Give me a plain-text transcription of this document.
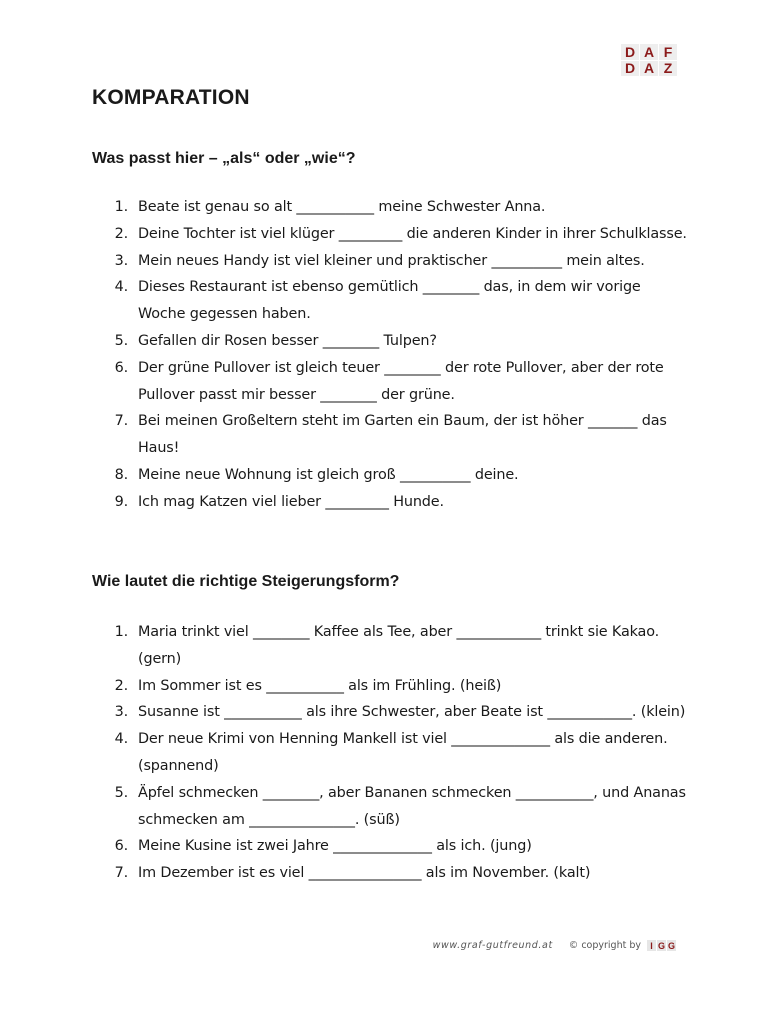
D A F
D A Z
KOMPARATION
Was passt hier – „als“ oder „wie“?
1. Beate ist genau so alt ___________ meine Schwester Anna.
2. Deine Tochter ist viel klüger _________ die anderen Kinder in ihrer Schulklasse.
3. Mein neues Handy ist viel kleiner und praktischer __________ mein altes.
4. Dieses Restaurant ist ebenso gemütlich ________ das, in dem wir vorige Woche gegessen haben.
5. Gefallen dir Rosen besser ________ Tulpen?
6. Der grüne Pullover ist gleich teuer ________ der rote Pullover, aber der rote Pullover passt mir besser ________ der grüne.
7. Bei meinen Großeltern steht im Garten ein Baum, der ist höher _______ das Haus!
8. Meine neue Wohnung ist gleich groß __________ deine.
9. Ich mag Katzen viel lieber _________ Hunde.
Wie lautet die richtige Steigerungsform?
1. Maria trinkt viel ________ Kaffee als Tee, aber ____________ trinkt sie Kakao. (gern)
2. Im Sommer ist es ___________ als im Frühling. (heiß)
3. Susanne ist ___________ als ihre Schwester, aber Beate ist ____________. (klein)
4. Der neue Krimi von Henning Mankell ist viel ______________ als die anderen. (spannend)
5. Äpfel schmecken ________, aber Bananen schmecken ___________, und Ananas schmecken am _______________. (süß)
6. Meine Kusine ist zwei Jahre ______________ als ich. (jung)
7. Im Dezember ist es viel ________________ als im November. (kalt)
www.graf-gutfreund.at © copyright by	I G G
